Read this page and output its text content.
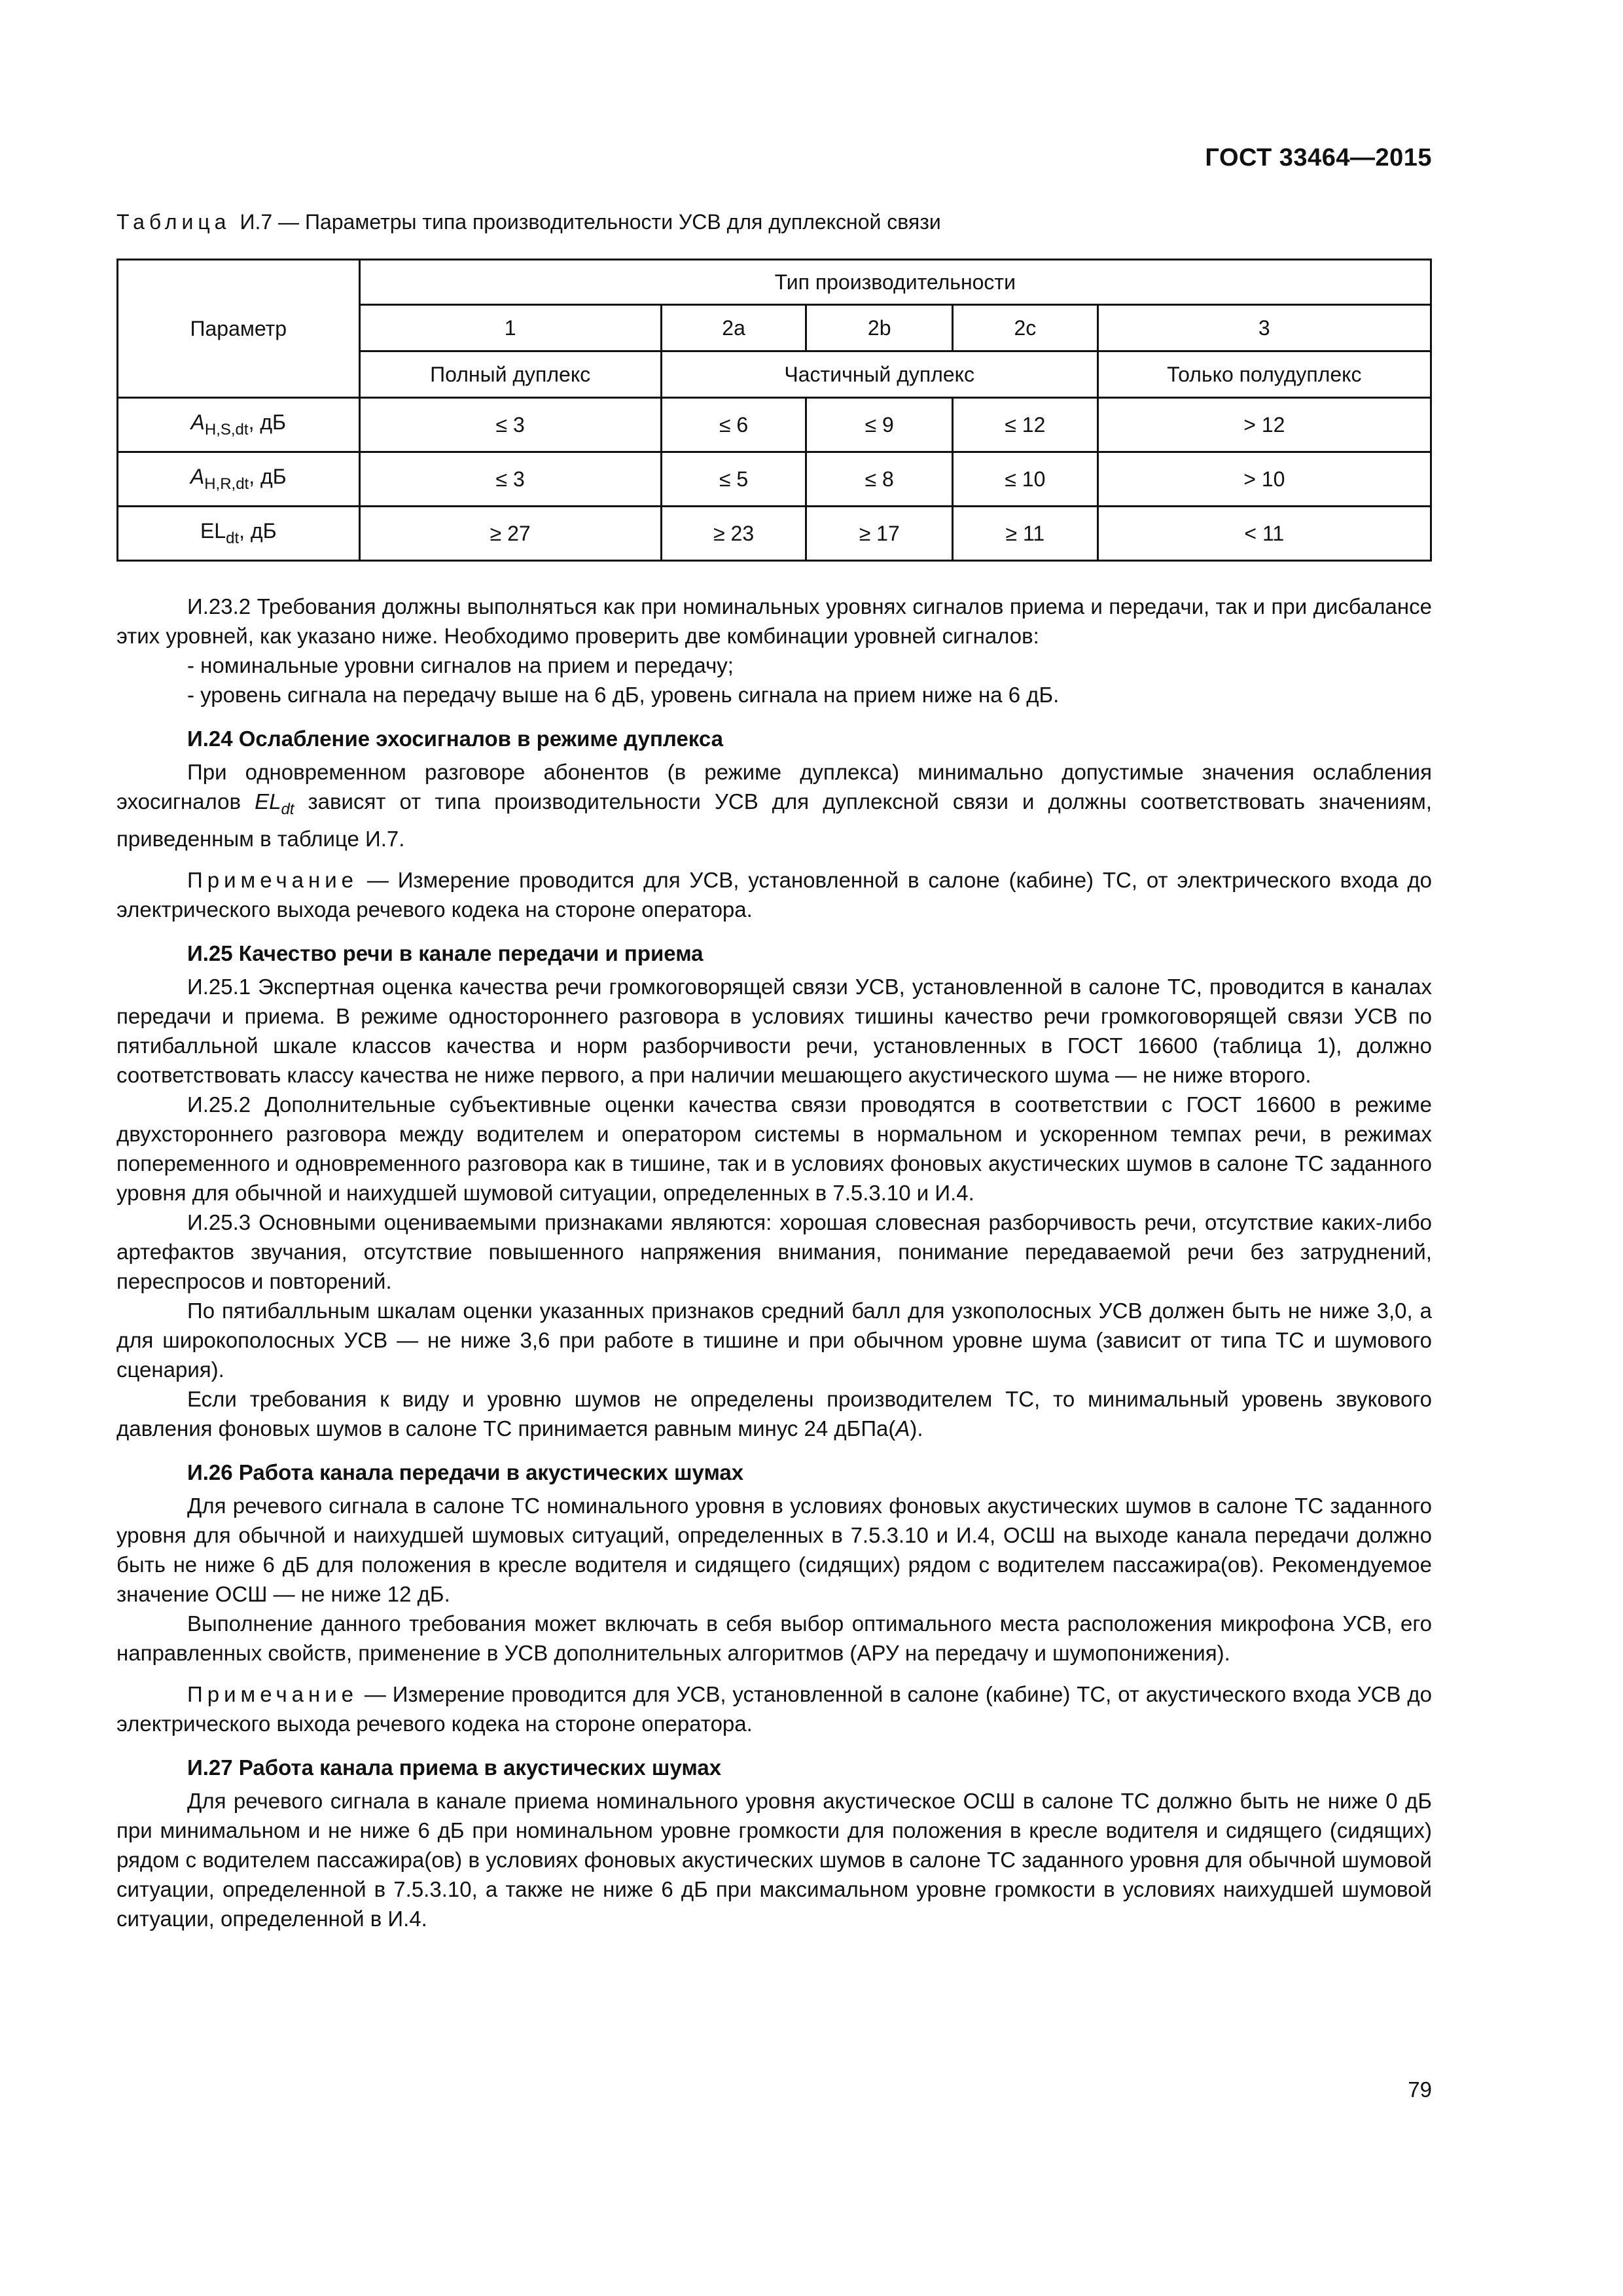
ГОСТ 33464—2015
Таблица И.7 — Параметры типа производительности УСВ для дуплексной связи
Параметр	Тип производительности				
	1	2a	2b	2c	3
	Полный дуплекс	Частичный дуплекс			Только полудуплекс
$A_{H,S,dt}$, дБ	≤ 3	≤ 6	≤ 9	≤ 12	> 12
$A_{H,R,dt}$, дБ	≤ 3	≤ 5	≤ 8	≤ 10	> 10
$EL_{dt}$, дБ	≥ 27	≥ 23	≥ 17	≥ 11	< 11

И.23.2 Требования должны выполняться как при номинальных уровнях сигналов приема и передачи, так и при дисбалансе этих уровней, как указано ниже. Необходимо проверить две комбинации уровней сигналов:

- номинальные уровни сигналов на прием и передачу;

- уровень сигнала на передачу выше на 6 дБ, уровень сигнала на прием ниже на 6 дБ.

И.24 Ослабление эхосигналов в режиме дуплекса

При одновременном разговоре абонентов (в режиме дуплекса) минимально допустимые значения ослабления эхосигналов $EL_{dt}$ зависят от типа производительности УСВ для дуплексной связи и должны соответствовать значениям, приведенным в таблице И.7.

Примечание — Измерение проводится для УСВ, установленной в салоне (кабине) ТС, от электрического входа до электрического выхода речевого кодека на стороне оператора.

И.25 Качество речи в канале передачи и приема

И.25.1 Экспертная оценка качества речи громкоговорящей связи УСВ, установленной в салоне ТС, проводится в каналах передачи и приема. В режиме одностороннего разговора в условиях тишины качество речи громкоговорящей связи УСВ по пятибалльной шкале классов качества и норм разборчивости речи, установленных в ГОСТ 16600 (таблица 1), должно соответствовать классу качества не ниже первого, а при наличии мешающего акустического шума — не ниже второго.

И.25.2 Дополнительные субъективные оценки качества связи проводятся в соответствии с ГОСТ 16600 в режиме двухстороннего разговора между водителем и оператором системы в нормальном и ускоренном темпах речи, в режимах попеременного и одновременного разговора как в тишине, так и в условиях фоновых акустических шумов в салоне ТС заданного уровня для обычной и наихудшей шумовой ситуации, определенных в 7.5.3.10 и И.4.

И.25.3 Основными оцениваемыми признаками являются: хорошая словесная разборчивость речи, отсутствие каких-либо артефактов звучания, отсутствие повышенного напряжения внимания, понимание передаваемой речи без затруднений, переспросов и повторений.

По пятибалльным шкалам оценки указанных признаков средний балл для узкополосных УСВ должен быть не ниже 3,0, а для широкополосных УСВ — не ниже 3,6 при работе в тишине и при обычном уровне шума (зависит от типа ТС и шумового сценария).

Если требования к виду и уровню шумов не определены производителем ТС, то минимальный уровень звукового давления фоновых шумов в салоне ТС принимается равным минус 24 дБПа(A).

И.26 Работа канала передачи в акустических шумах

Для речевого сигнала в салоне ТС номинального уровня в условиях фоновых акустических шумов в салоне ТС заданного уровня для обычной и наихудшей шумовых ситуаций, определенных в 7.5.3.10 и И.4, ОСШ на выходе канала передачи должно быть не ниже 6 дБ для положения в кресле водителя и сидящего (сидящих) рядом с водителем пассажира(ов). Рекомендуемое значение ОСШ — не ниже 12 дБ.

Выполнение данного требования может включать в себя выбор оптимального места расположения микрофона УСВ, его направленных свойств, применение в УСВ дополнительных алгоритмов (АРУ на передачу и шумопонижения).

Примечание — Измерение проводится для УСВ, установленной в салоне (кабине) ТС, от акустического входа УСВ до электрического выхода речевого кодека на стороне оператора.

И.27 Работа канала приема в акустических шумах

Для речевого сигнала в канале приема номинального уровня акустическое ОСШ в салоне ТС должно быть не ниже 0 дБ при минимальном и не ниже 6 дБ при номинальном уровне громкости для положения в кресле водителя и сидящего (сидящих) рядом с водителем пассажира(ов) в условиях фоновых акустических шумов в салоне ТС заданного уровня для обычной шумовой ситуации, определенной в 7.5.3.10, а также не ниже 6 дБ при максимальном уровне громкости в условиях наихудшей шумовой ситуации, определенной в И.4.

79
